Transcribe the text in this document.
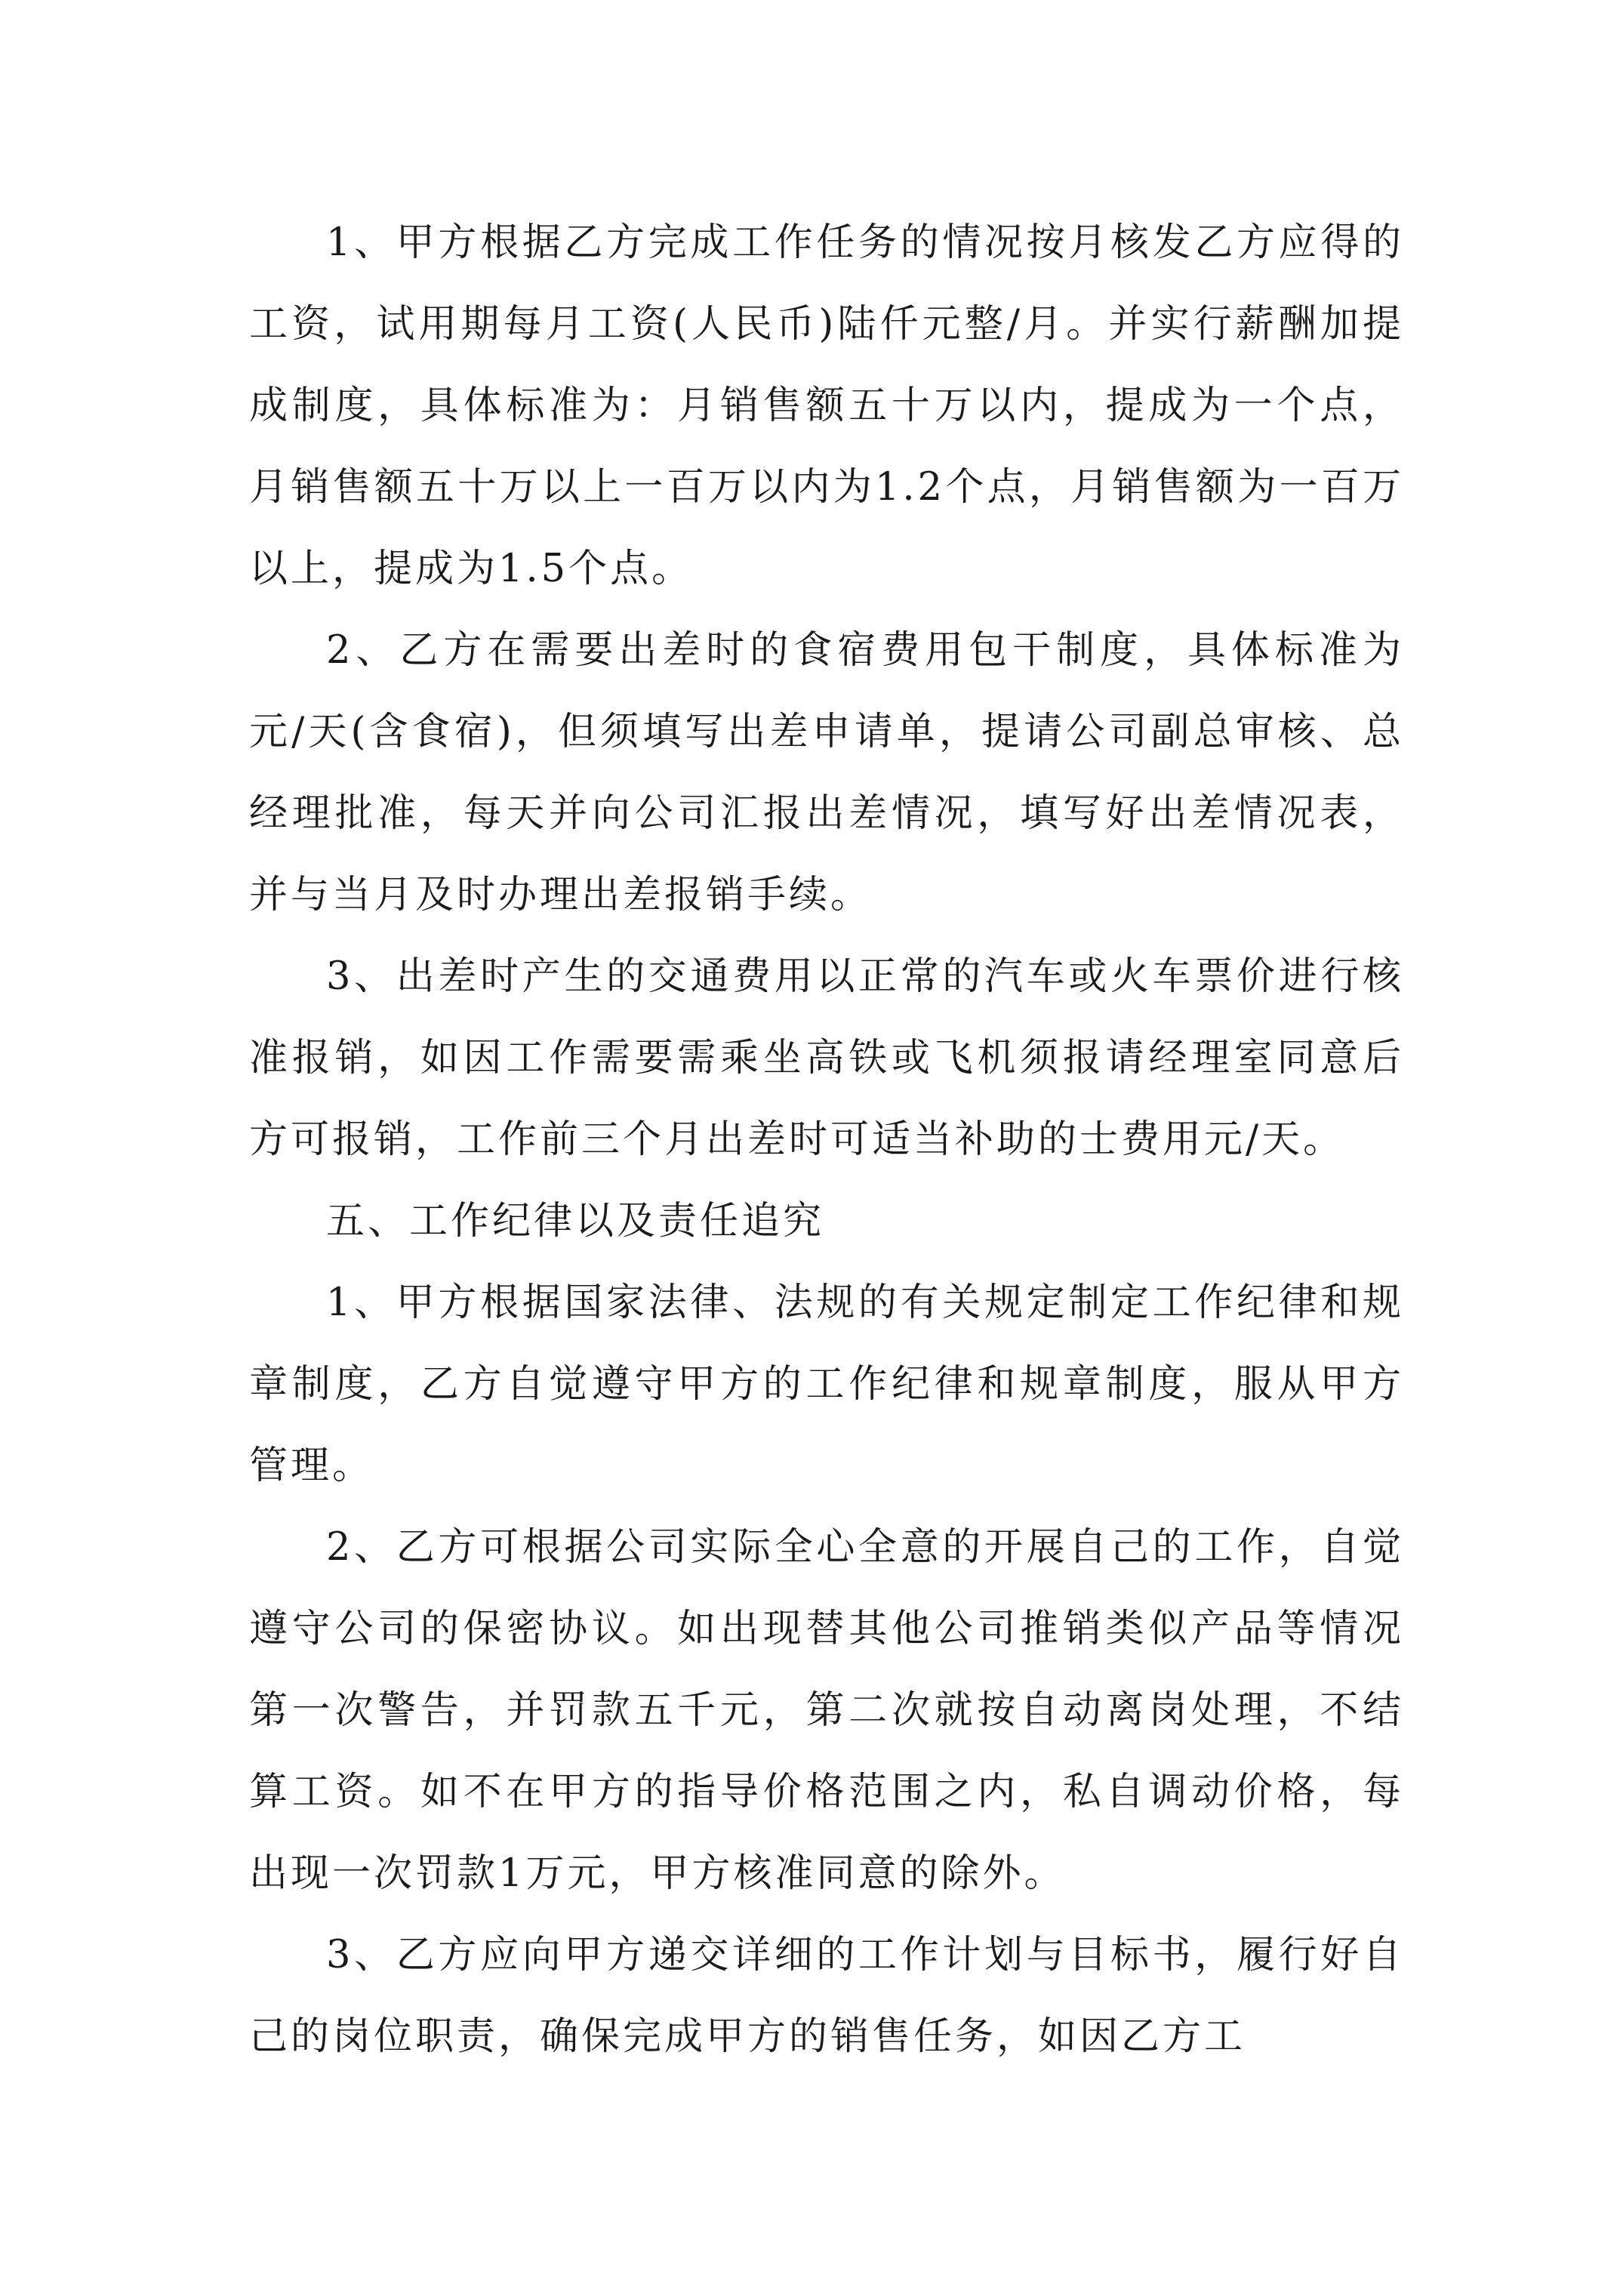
1、甲方根据乙方完成工作任务的情况按月核发乙方应得的工资，试用期每月工资(人民币)陆仟元整/月。并实行薪酬加提成制度，具体标准为：月销售额五十万以内，提成为一个点，月销售额五十万以上一百万以内为1.2个点，月销售额为一百万以上，提成为1.5个点。

2、乙方在需要出差时的食宿费用包干制度，具体标准为元/天(含食宿)，但须填写出差申请单，提请公司副总审核、总经理批准，每天并向公司汇报出差情况，填写好出差情况表，并与当月及时办理出差报销手续。

3、出差时产生的交通费用以正常的汽车或火车票价进行核准报销，如因工作需要需乘坐高铁或飞机须报请经理室同意后方可报销，工作前三个月出差时可适当补助的士费用元/天。

五、工作纪律以及责任追究

1、甲方根据国家法律、法规的有关规定制定工作纪律和规章制度，乙方自觉遵守甲方的工作纪律和规章制度，服从甲方管理。

2、乙方可根据公司实际全心全意的开展自己的工作，自觉遵守公司的保密协议。如出现替其他公司推销类似产品等情况第一次警告，并罚款五千元，第二次就按自动离岗处理，不结算工资。如不在甲方的指导价格范围之内，私自调动价格，每出现一次罚款1万元，甲方核准同意的除外。

3、乙方应向甲方递交详细的工作计划与目标书，履行好自己的岗位职责，确保完成甲方的销售任务，如因乙方工
